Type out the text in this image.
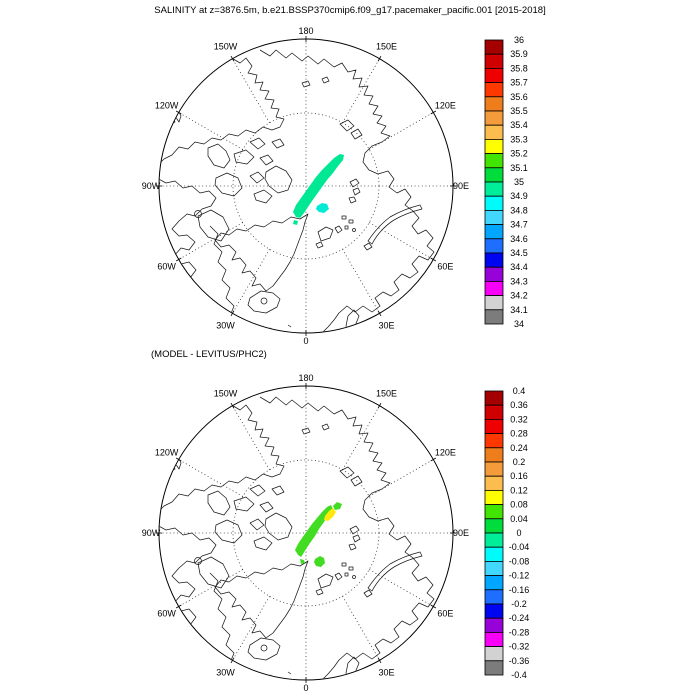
SALINITY at z=3876.5m, b.e21.BSSP370cmip6.f09_g17.pacemaker_pacific.001 [2015-2018]
(MODEL - LEVITUS/PHC2)
180
150E
120E
90E
60E
30E
0
30W
60W
90W
120W
150W
36
35.9
35.8
35.7
35.6
35.5
35.4
35.3
35.2
35.1
35
34.9
34.8
34.7
34.6
34.5
34.4
34.3
34.2
34.1
34
180
150E
120E
90E
60E
30E
0
30W
60W
90W
120W
150W	0.4
0.36
0.32
0.28
0.24
0.2
0.16
0.12
0.08
0.04
0
-0.04
-0.08
-0.12
-0.16
-0.2
-0.24
-0.28
-0.32
-0.36
-0.4
